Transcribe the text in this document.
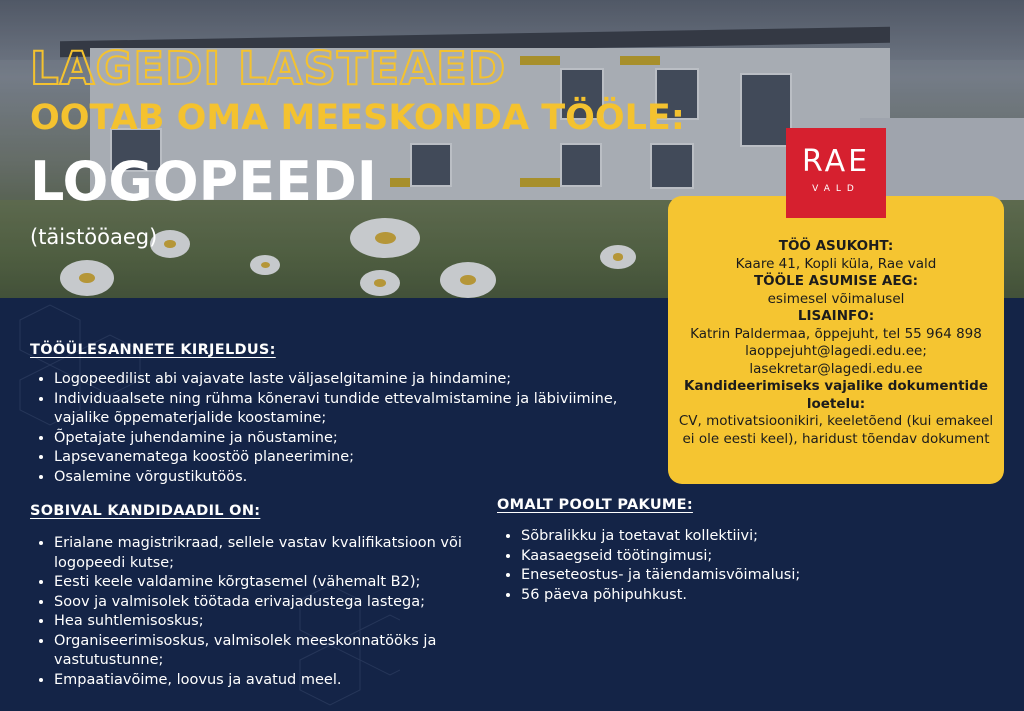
LAGEDI LASTEAED
OOTAB OMA MEESKONDA TÖÖLE:
LOGOPEEDI

(täistööaeg)

RAE
VALD
TÖÖ ASUKOHT:
Kaare 41, Kopli küla, Rae vald
TÖÖLE ASUMISE AEG:
esimesel võimalusel
LISAINFO:
Katrin Paldermaa, õppejuht, tel 55 964 898
laoppejuht@lagedi.edu.ee;
lasekretar@lagedi.edu.ee
Kandideerimiseks vajalike dokumentide loetelu:
CV, motivatsioonikiri, keeletõend (kui emakeel ei ole eesti keel), haridust tõendav dokument
TÖÖÜLESANNETE KIRJELDUS:
• Logopeedilist abi vajavate laste väljaselgitamine ja hindamine;
• Individuaalsete ning rühma kõneravi tundide ettevalmistamine ja läbiviimine, vajalike õppematerjalide koostamine;
• Õpetajate juhendamine ja nõustamine;
• Lapsevanematega koostöö planeerimine;
• Osalemine võrgustikutöös.
SOBIVAL KANDIDAADIL ON:
• Erialane magistrikraad, sellele vastav kvalifikatsioon või logopeedi kutse;
• Eesti keele valdamine kõrgtasemel (vähemalt B2);
• Soov ja valmisolek töötada erivajadustega lastega;
• Hea suhtlemisoskus;
• Organiseerimisoskus, valmisolek meeskonnatööks ja vastutustunne;
• Empaatiavõime, loovus ja avatud meel.
OMALT POOLT PAKUME:
• Sõbralikku ja toetavat kollektiivi;
• Kaasaegseid töötingimusi;
• Eneseteostus- ja täiendamisvõimalusi;
• 56 päeva põhipuhkust.
